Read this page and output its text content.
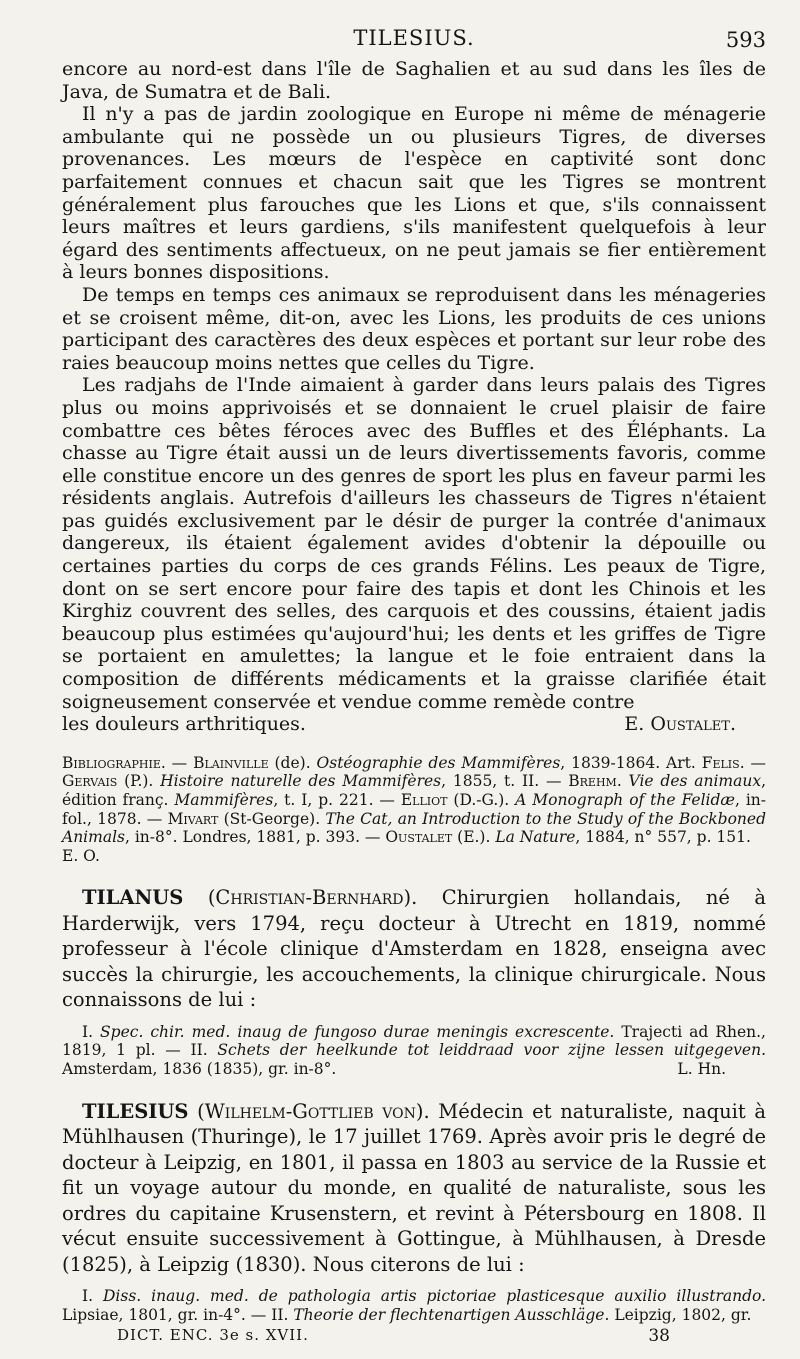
TILESIUS.	593

encore au nord-est dans l'île de Saghalien et au sud dans les îles de Java, de Sumatra et de Bali.

Il n'y a pas de jardin zoologique en Europe ni même de ménagerie ambulante qui ne possède un ou plusieurs Tigres, de diverses provenances. Les mœurs de l'espèce en captivité sont donc parfaitement connues et chacun sait que les Tigres se montrent généralement plus farouches que les Lions et que, s'ils connaissent leurs maîtres et leurs gardiens, s'ils manifestent quelquefois à leur égard des sentiments affectueux, on ne peut jamais se fier entièrement à leurs bonnes dispositions.

De temps en temps ces animaux se reproduisent dans les ménageries et se croisent même, dit-on, avec les Lions, les produits de ces unions participant des caractères des deux espèces et portant sur leur robe des raies beaucoup moins nettes que celles du Tigre.

Les radjahs de l'Inde aimaient à garder dans leurs palais des Tigres plus ou moins apprivoisés et se donnaient le cruel plaisir de faire combattre ces bêtes féroces avec des Buffles et des Éléphants. La chasse au Tigre était aussi un de leurs divertissements favoris, comme elle constitue encore un des genres de sport les plus en faveur parmi les résidents anglais. Autrefois d'ailleurs les chasseurs de Tigres n'étaient pas guidés exclusivement par le désir de purger la contrée d'animaux dangereux, ils étaient également avides d'obtenir la dépouille ou certaines parties du corps de ces grands Félins. Les peaux de Tigre, dont on se sert encore pour faire des tapis et dont les Chinois et les Kirghiz couvrent des selles, des carquois et des coussins, étaient jadis beaucoup plus estimées qu'aujourd'hui; les dents et les griffes de Tigre se portaient en amulettes; la langue et le foie entraient dans la composition de différents médicaments et la graisse clarifiée était soigneusement conservée et vendue comme remède contre

les douleurs arthritiques.	E. Oustalet.

Bibliographie. — Blainville (de). Ostéographie des Mammifères, 1839-1864. Art. Felis. — Gervais (P.). Histoire naturelle des Mammifères, 1855, t. II. — Brehm. Vie des animaux, édition franç. Mammifères, t. I, p. 221. — Elliot (D.-G.). A Monograph of the Felidæ, in-fol., 1878. — Mivart (St-George). The Cat, an Introduction to the Study of the Bockboned Animals, in-8°. Londres, 1881, p. 393. — Oustalet (E.). La Nature, 1884, n° 557, p. 151.

E. O.

TILANUS (Christian-Bernhard). Chirurgien hollandais, né à Harderwijk, vers 1794, reçu docteur à Utrecht en 1819, nommé professeur à l'école clinique d'Amsterdam en 1828, enseigna avec succès la chirurgie, les accouchements, la clinique chirurgicale. Nous connaissons de lui :

I. Spec. chir. med. inaug de fungoso durae meningis excrescente. Trajecti ad Rhen., 1819, 1 pl. — II. Schets der heelkunde tot leiddraad voor zijne lessen uitgegeven. Amsterdam, 1836 (1835), gr. in-8°.	L. Hn.

TILESIUS (Wilhelm-Gottlieb von). Médecin et naturaliste, naquit à Mühlhausen (Thuringe), le 17 juillet 1769. Après avoir pris le degré de docteur à Leipzig, en 1801, il passa en 1803 au service de la Russie et fit un voyage autour du monde, en qualité de naturaliste, sous les ordres du capitaine Krusenstern, et revint à Pétersbourg en 1808. Il vécut ensuite successivement à Gottingue, à Mühlhausen, à Dresde (1825), à Leipzig (1830). Nous citerons de lui :

I. Diss. inaug. med. de pathologia artis pictoriae plasticesque auxilio illustrando. Lipsiae, 1801, gr. in-4°. — II. Theorie der flechtenartigen Ausschläge. Leipzig, 1802, gr.

DICT. ENC. 3e s. XVII.	38
